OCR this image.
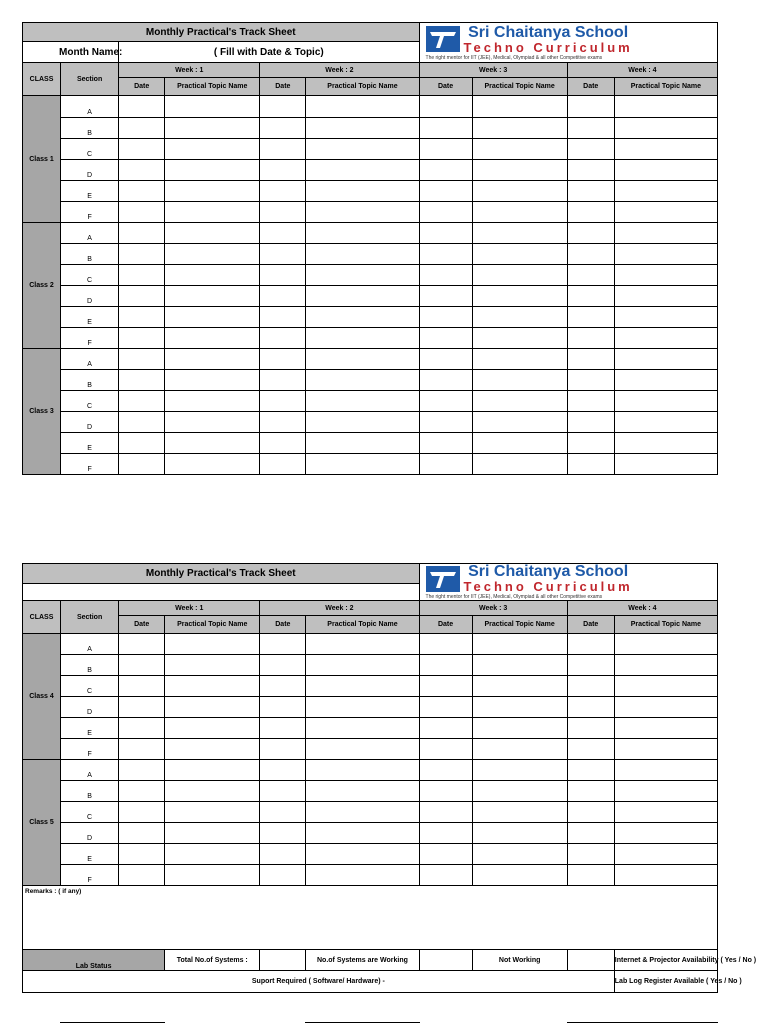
Monthly Practical's Track Sheet						Sri Chaitanya School
Techno Curriculum
The right mentor for IIT (JEE), Medical, Olympiad & all other Competitive exams			

Month Name:		( Fill with Date & Topic)							
CLASS	Section	Week : 1		Week : 2		Week : 3		Week : 4	
		Date	Practical Topic Name	Date	Practical Topic Name	Date	Practical Topic Name	Date	Practical Topic Name
Class 1	A								
	B								
	C								
	D								
	E								
	F								
Class 2	A								
	B								
	C								
	D								
	E								
	F								
Class 3	A								
	B								
	C								
	D								
	E								
	F								
Monthly Practical's Track Sheet						Sri Chaitanya School
Techno Curriculum
The right mentor for IIT (JEE), Medical, Olympiad & all other Competitive exams			

CLASS	Section	Week : 1		Week : 2		Week : 3		Week : 4	
		Date	Practical Topic Name	Date	Practical Topic Name	Date	Practical Topic Name	Date	Practical Topic Name
Class 4	A								
	B								
	C								
	D								
	E								
	F								
Class 5	A								
	B								
	C								
	D								
	E								
	F								
Remarks : ( if any)									
Lab Status			Total No.of Systems :		No.of Systems are Working		Not Working		Internet & Projector Availability ( Yes / No )
Suport Required ( Software/ Hardware) -									Lab Log Register Available ( Yes / No )
